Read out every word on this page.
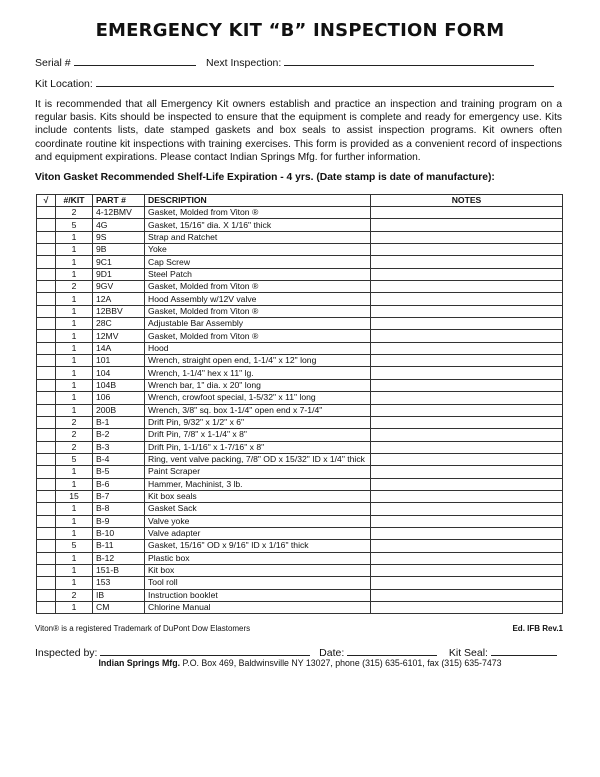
EMERGENCY KIT “B” INSPECTION FORM
Serial #	Next Inspection:
Kit Location:
It is recommended that all Emergency Kit owners establish and practice an inspection and training program on a regular basis. Kits should be inspected to ensure that the equipment is complete and ready for emergency use. Kits include contents lists, date stamped gaskets and box seals to assist inspection programs. Kit owners often coordinate routine kit inspections with training exercises. This form is provided as a convenient record of inspections and equipment expirations. Please contact Indian Springs Mfg. for further information.
Viton Gasket Recommended Shelf-Life Expiration - 4 yrs. (Date stamp is date of manufacture):
√	#/KIT	PART #	DESCRIPTION	NOTES
	2	4-12BMV	Gasket, Molded from Viton ®	
	5	4G	Gasket, 15/16" dia. X 1/16" thick	
	1	9S	Strap and Ratchet	
	1	9B	Yoke	
	1	9C1	Cap Screw	
	1	9D1	Steel Patch	
	2	9GV	Gasket, Molded from Viton ®	
	1	12A	Hood Assembly w/12V valve	
	1	12BBV	Gasket, Molded from Viton ®	
	1	28C	Adjustable Bar Assembly	
	1	12MV	Gasket, Molded from Viton ®	
	1	14A	Hood	
	1	101	Wrench, straight open end, 1-1/4" x 12" long	
	1	104	Wrench, 1-1/4" hex x 11" lg.	
	1	104B	Wrench bar, 1" dia. x 20" long	
	1	106	Wrench, crowfoot special, 1-5/32" x 11" long	
	1	200B	Wrench, 3/8" sq. box 1-1/4" open end x 7-1/4"	
	2	B-1	Drift Pin, 9/32" x 1/2" x 6"	
	2	B-2	Drift Pin, 7/8" x 1-1/4" x 8"	
	2	B-3	Drift Pin, 1-1/16" x 1-7/16" x 8"	
	5	B-4	Ring, vent valve packing, 7/8" OD x 15/32" ID x 1/4" thick	
	1	B-5	Paint Scraper	
	1	B-6	Hammer, Machinist, 3 lb.	
	15	B-7	Kit box seals	
	1	B-8	Gasket Sack	
	1	B-9	Valve yoke	
	1	B-10	Valve adapter	
	5	B-11	Gasket, 15/16" OD x 9/16" ID x 1/16" thick	
	1	B-12	Plastic box	
	1	151-B	Kit box	
	1	153	Tool roll	
	2	IB	Instruction booklet	
	1	CM	Chlorine Manual	
Viton® is a registered Trademark of DuPont Dow Elastomers	Ed. IFB Rev.1
Inspected by:	Date:	Kit Seal:
Indian Springs Mfg. P.O. Box 469, Baldwinsville NY 13027, phone (315) 635-6101, fax (315) 635-7473
